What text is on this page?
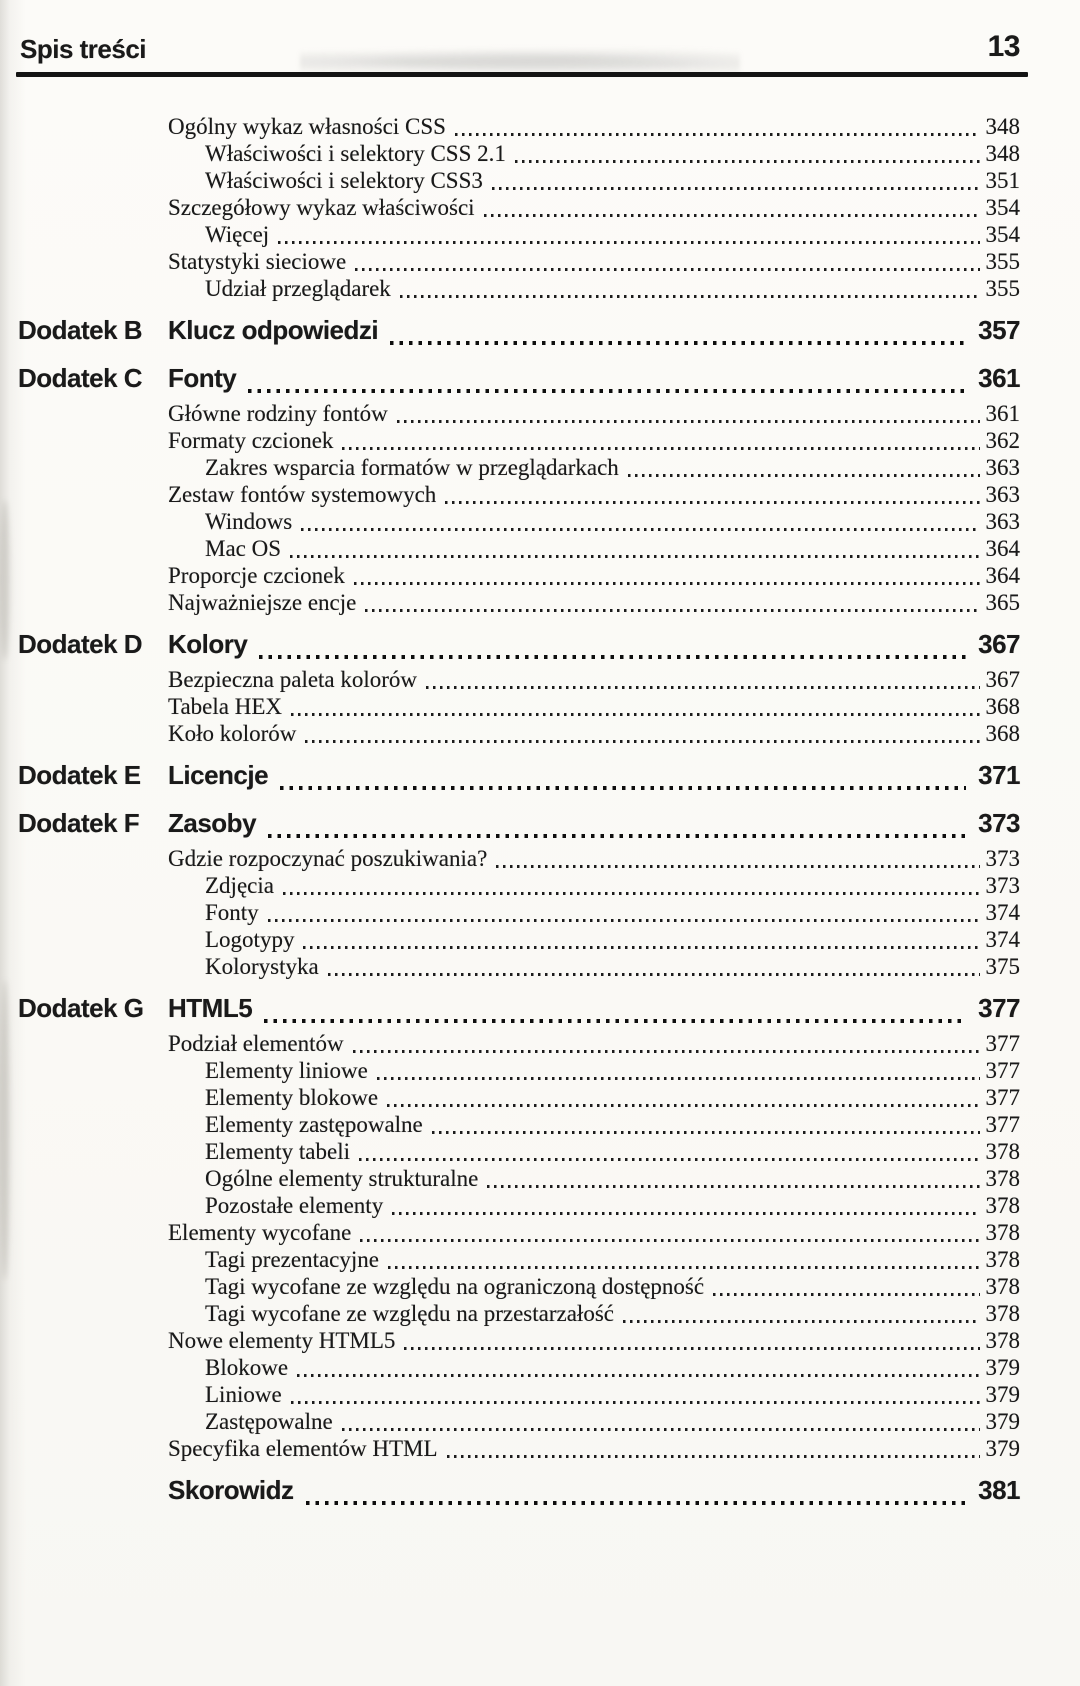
Spis treści	13
Ogólny wykaz własności CSS	348
Właściwości i selektory CSS 2.1	348
Właściwości i selektory CSS3	351
Szczegółowy wykaz właściwości	354
Więcej	354
Statystyki sieciowe	355
Udział przeglądarek	355
Dodatek B Klucz odpowiedzi	357
Dodatek C Fonty	361
Główne rodziny fontów	361
Formaty czcionek	362
Zakres wsparcia formatów w przeglądarkach	363
Zestaw fontów systemowych	363
Windows	363
Mac OS	364
Proporcje czcionek	364
Najważniejsze encje	365
Dodatek D Kolory	367
Bezpieczna paleta kolorów	367
Tabela HEX	368
Koło kolorów	368
Dodatek E	Licencje	371
Dodatek F	Zasoby	373
Gdzie rozpoczynać poszukiwania?	373
Zdjęcia	373
Fonty	374
Logotypy	374
Kolorystyka	375
Dodatek G HTML5	377
Podział elementów	377
Elementy liniowe	377
Elementy blokowe	377
Elementy zastępowalne	377
Elementy tabeli	378
Ogólne elementy strukturalne	378
Pozostałe elementy	378
Elementy wycofane	378
Tagi prezentacyjne	378
Tagi wycofane ze względu na ograniczoną dostępność	378
Tagi wycofane ze względu na przestarzałość	378
Nowe elementy HTML5	378
Blokowe	379
Liniowe	379
Zastępowalne	379
Specyfika elementów HTML	379
Skorowidz	381
